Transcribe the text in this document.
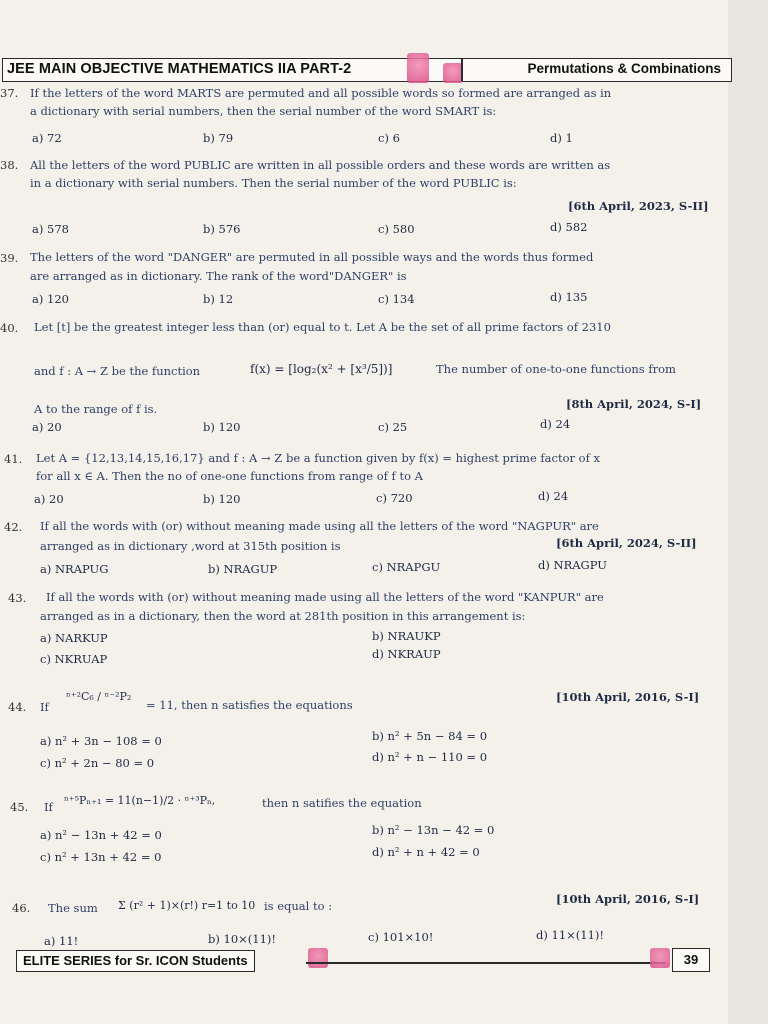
JEE MAIN OBJECTIVE MATHEMATICS IIA PART-2	Permutations & Combinations
37. If the letters of the word MARTS are permuted and all possible words so formed are arranged as in
a dictionary with serial numbers, then the serial number of the word SMART is:
a) 72	b) 79	c) 6	d) 1
38. All the letters of the word PUBLIC are written in all possible orders and these words are written as
in a dictionary with serial numbers. Then the serial number of the word PUBLIC is:
[6th April, 2023, S-II]
a) 578	b) 576	c) 580	d) 582
39. The letters of the word "DANGER" are permuted in all possible ways and the words thus formed
are arranged as in dictionary. The rank of the word"DANGER" is
a) 120	b) 12	c) 134	d) 135
40. Let [t] be the greatest integer less than (or) equal to t. Let A be the set of all prime factors of 2310
and f : A → Z be the function	f(x) = [log₂(x² + [x³/5])]	The number of one-to-one functions from
A to the range of f is.	[8th April, 2024, S-I]
a) 20	b) 120	c) 25	d) 24
41. Let A = {12,13,14,15,16,17} and f : A → Z be a function given by f(x) = highest prime factor of x
for all x ∈ A. Then the no of one-one functions from range of f to A
a) 20	b) 120	c) 720	d) 24
42. If all the words with (or) without meaning made using all the letters of the word "NAGPUR" are
arranged as in dictionary ,word at 315th position is	[6th April, 2024, S-II]
a) NRAPUG	b) NRAGUP	c) NRAPGU	d) NRAGPU
43. If all the words with (or) without meaning made using all the letters of the word "KANPUR" are
arranged as in a dictionary, then the word at 281th position in this arrangement is:
a) NARKUP	b) NRAUKP
c) NKRUAP	d) NKRAUP
44. If
ⁿ⁺²C₆ / ⁿ⁻²P₂
= 11, then n satisfies the equations
[10th April, 2016, S-I]
a) n² + 3n − 108 = 0	b) n² + 5n − 84 = 0
c) n² + 2n − 80 = 0	d) n² + n − 110 = 0
45. If ⁿ⁺⁵Pₙ₊₁ = 11(n−1)/2 · ⁿ⁺³Pₙ,	then n satifies the equation
a) n² − 13n + 42 = 0	b) n² − 13n − 42 = 0
c) n² + 13n + 42 = 0	d) n² + n + 42 = 0
46. The sum Σ (r² + 1)×(r!) r=1 to 10 is equal to :	[10th April, 2016, S-I]
a) 11!	b) 10×(11)!	c) 101×10!	d) 11×(11)!
ELITE SERIES for Sr. ICON Students	39
